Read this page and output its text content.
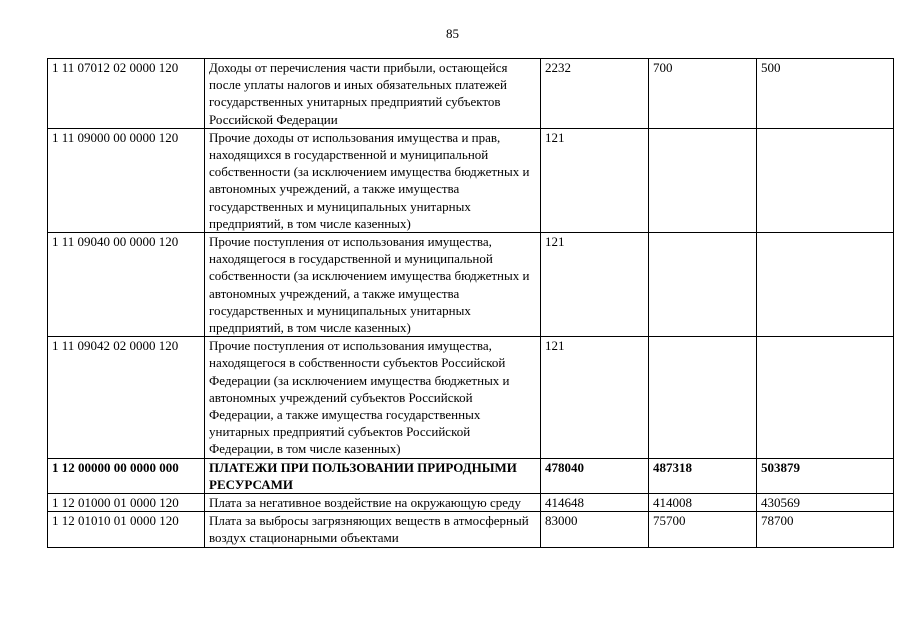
85
1 11 07012 02 0000 120	Доходы от перечисления части прибыли, остающейся после уплаты налогов и иных обязательных платежей государственных унитарных предприятий субъектов Российской Федерации	2232	700	500
1 11 09000 00 0000 120	Прочие доходы от использования имущества и прав, находящихся в государственной и муниципальной собственности (за исключением имущества бюджетных и автономных учреждений, а также имущества государственных и муниципальных унитарных предприятий, в том числе казенных)	121		
1 11 09040 00 0000 120	Прочие поступления от использования имущества, находящегося в государственной и муниципальной собственности (за исключением имущества бюджетных и автономных учреждений, а также имущества государственных и муниципальных унитарных предприятий, в том числе казенных)	121		
1 11 09042 02 0000 120	Прочие поступления от использования имущества, находящегося в собственности субъектов Российской Федерации (за исключением имущества бюджетных и автономных учреждений субъектов Российской Федерации, а также имущества государственных унитарных предприятий субъектов Российской Федерации, в том числе казенных)	121		
1 12 00000 00 0000 000	ПЛАТЕЖИ ПРИ ПОЛЬЗОВАНИИ ПРИРОДНЫМИ РЕСУРСАМИ	478040	487318	503879
1 12 01000 01 0000 120	Плата за негативное воздействие на окружающую среду	414648	414008	430569
1 12 01010 01 0000 120	Плата за выбросы загрязняющих веществ в атмосферный воздух стационарными объектами	83000	75700	78700
